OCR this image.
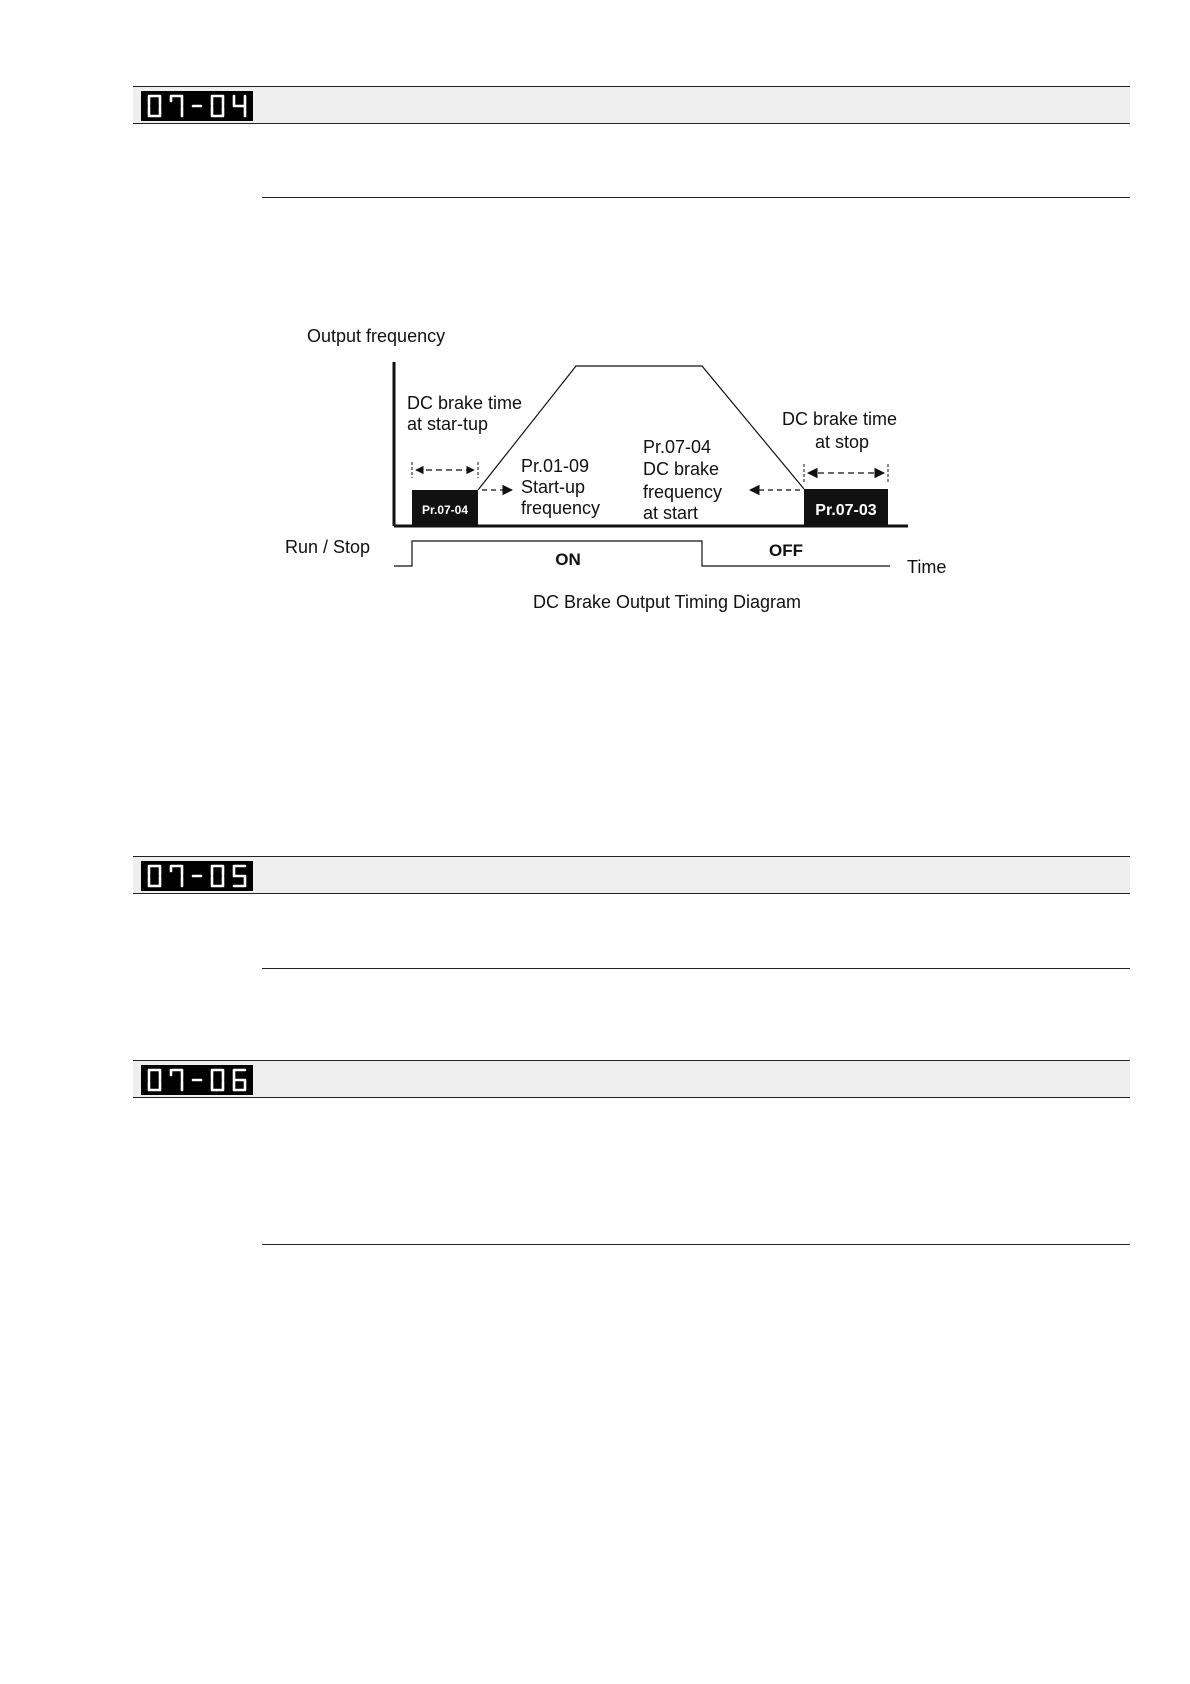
Output frequency
Pr.07-04	Pr.07-03
DC brake time at star-tup
Pr.01-09 Start-up frequency
Pr.07-04 DC brake frequency at start
DC brake time at stop
Run / Stop
ON	OFF
Time
DC Brake Output Timing Diagram
